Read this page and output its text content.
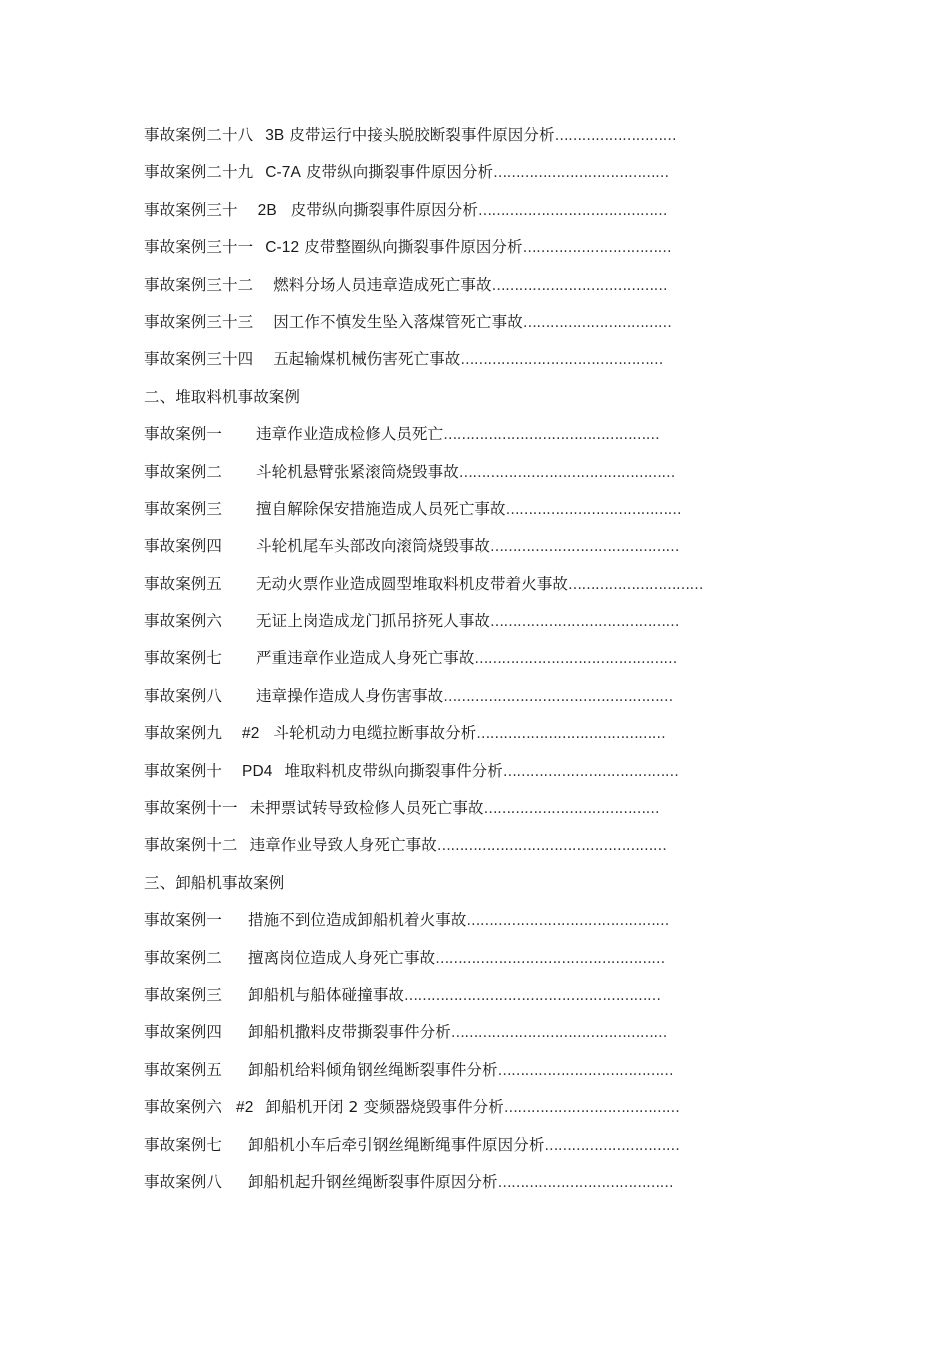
事故案例二十八 3B 皮带运行中接头脱胶断裂事件原因分析………………………
事故案例二十九 C-7A 皮带纵向撕裂事件原因分析…………………………………
事故案例三十 2B 皮带纵向撕裂事件原因分析……………………………………
事故案例三十一 C-12 皮带整圈纵向撕裂事件原因分析……………………………
事故案例三十二 燃料分场人员违章造成死亡事故…………………………………
事故案例三十三 因工作不慎发生坠入落煤管死亡事故……………………………
事故案例三十四 五起输煤机械伤害死亡事故………………………………………
二、堆取料机事故案例
事故案例一 违章作业造成检修人员死亡…………………………………………
事故案例二 斗轮机悬臂张紧滚筒烧毁事故…………………………………………
事故案例三 擅自解除保安措施造成人员死亡事故…………………………………
事故案例四 斗轮机尾车头部改向滚筒烧毁事故……………………………………
事故案例五 无动火票作业造成圆型堆取料机皮带着火事故…………………………
事故案例六 无证上岗造成龙门抓吊挤死人事故……………………………………
事故案例七 严重违章作业造成人身死亡事故………………………………………
事故案例八 违章操作造成人身伤害事故……………………………………………
事故案例九 #2 斗轮机动力电缆拉断事故分析……………………………………
事故案例十 PD4 堆取料机皮带纵向撕裂事件分析…………………………………
事故案例十一 未押票试转导致检修人员死亡事故…………………………………
事故案例十二 违章作业导致人身死亡事故……………………………………………
三、卸船机事故案例
事故案例一 措施不到位造成卸船机着火事故………………………………………
事故案例二 擅离岗位造成人身死亡事故……………………………………………
事故案例三 卸船机与船体碰撞事故…………………………………………………
事故案例四 卸船机撒料皮带撕裂事件分析…………………………………………
事故案例五 卸船机给料倾角钢丝绳断裂事件分析…………………………………
事故案例六 #2 卸船机开闭 2 变频器烧毁事件分析…………………………………
事故案例七 卸船机小车后牵引钢丝绳断绳事件原因分析…………………………
事故案例八 卸船机起升钢丝绳断裂事件原因分析…………………………………
